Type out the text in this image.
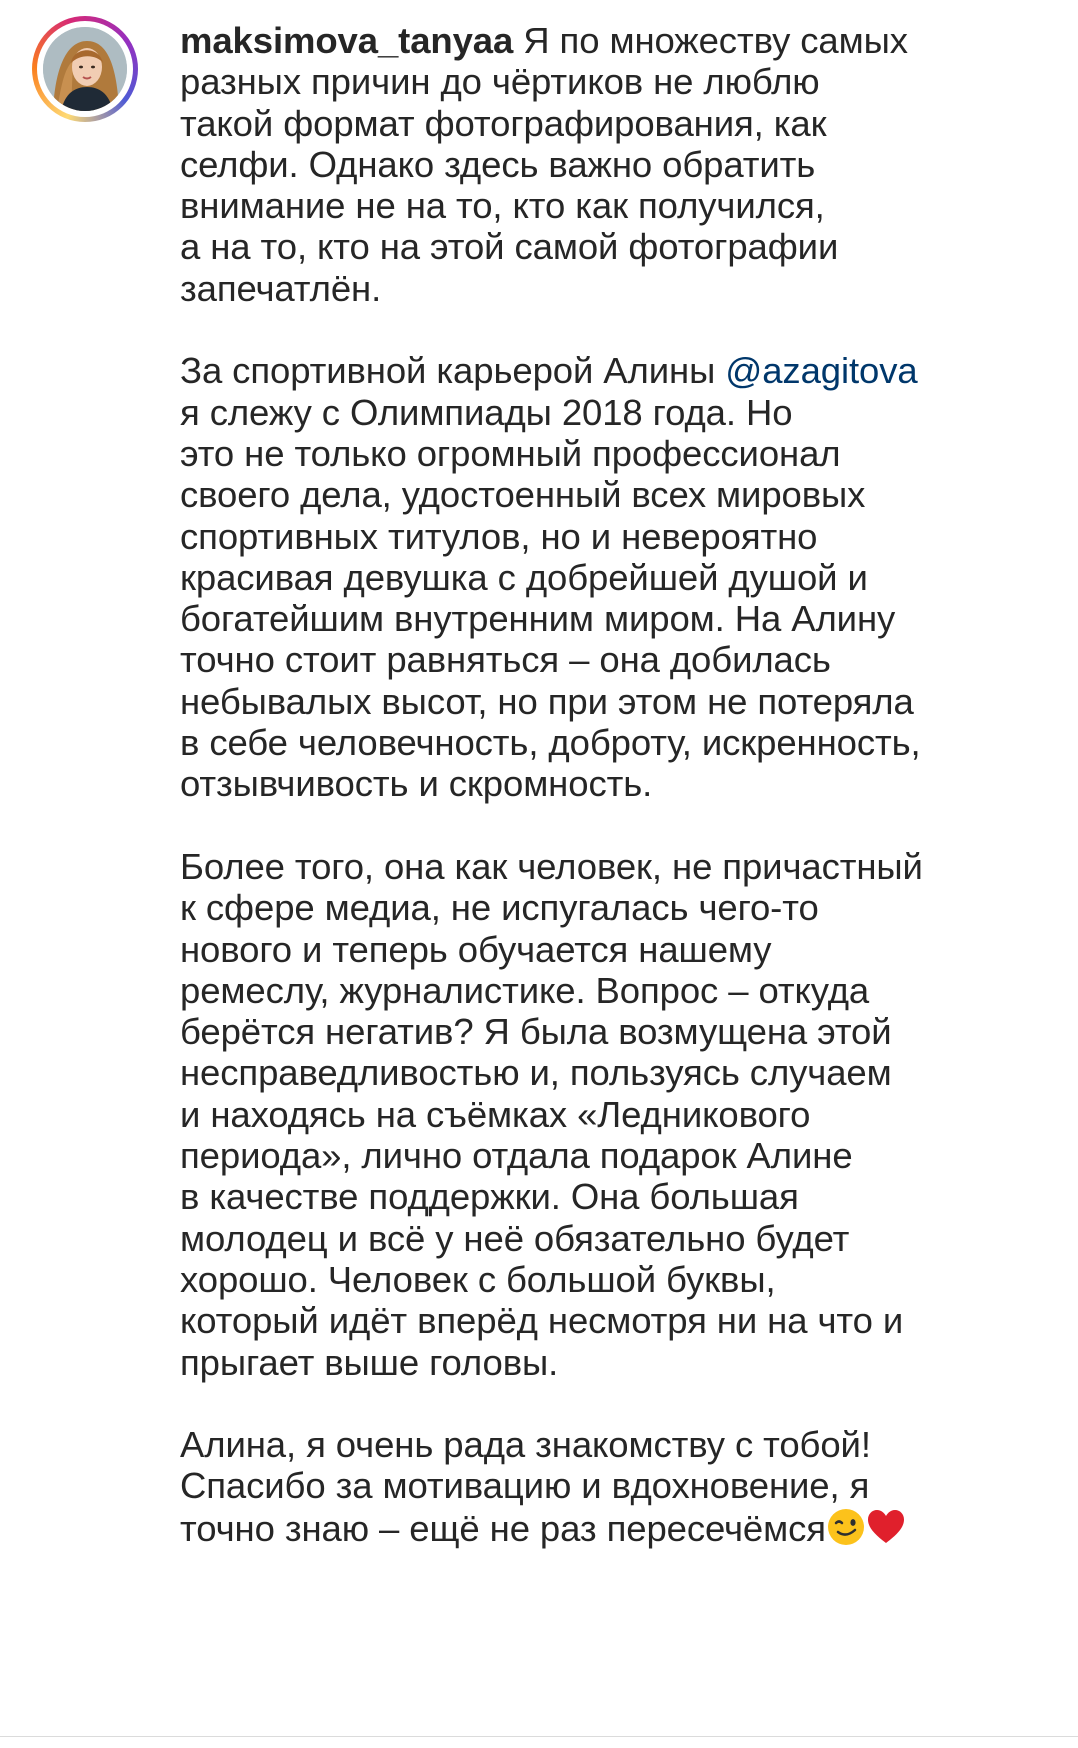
maksimova_tanyaa Я по множеству самых
разных причин до чёртиков не люблю
такой формат фотографирования, как
селфи. Однако здесь важно обратить
внимание не на то, кто как получился,
а на то, кто на этой самой фотографии
запечатлён.

За спортивной карьерой Алины @azagitova
я слежу с Олимпиады 2018 года. Но
это не только огромный профессионал
своего дела, удостоенный всех мировых
спортивных титулов, но и невероятно
красивая девушка с добрейшей душой и
богатейшим внутренним миром. На Алину
точно стоит равняться – она добилась
небывалых высот, но при этом не потеряла
в себе человечность, доброту, искренность,
отзывчивость и скромность.

Более того, она как человек, не причастный
к сфере медиа, не испугалась чего-то
нового и теперь обучается нашему
ремеслу, журналистике. Вопрос – откуда
берётся негатив? Я была возмущена этой
несправедливостью и, пользуясь случаем
и находясь на съёмках «Ледникового
периода», лично отдала подарок Алине
в качестве поддержки. Она большая
молодец и всё у неё обязательно будет
хорошо. Человек с большой буквы,
который идёт вперёд несмотря ни на что и
прыгает выше головы.

Алина, я очень рада знакомству с тобой!
Спасибо за мотивацию и вдохновение, я
точно знаю – ещё не раз пересечёмся
